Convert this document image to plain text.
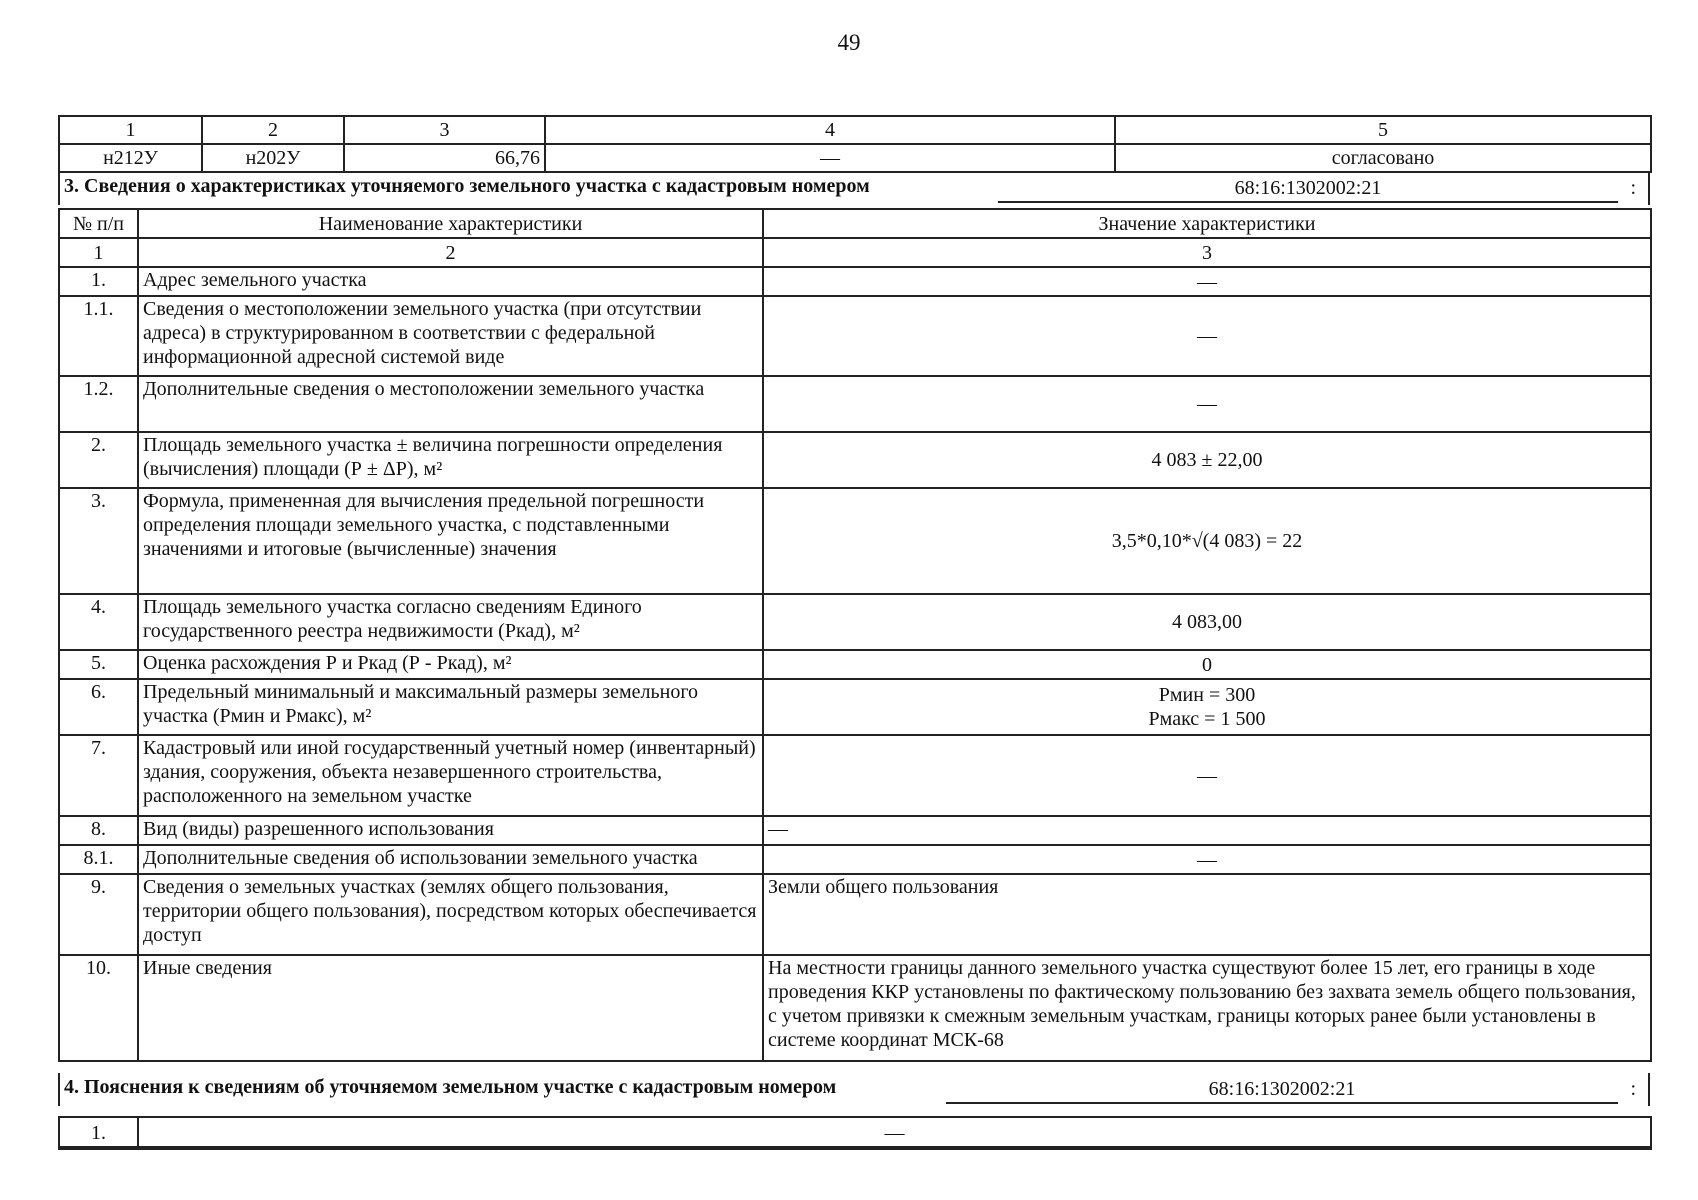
49
1	2	3	4	5
н212У	н202У	66,76	—	согласовано
3. Сведения о характеристиках уточняемого земельного участка с кадастровым номером	68:16:1302002:21	:
№ п/п	Наименование характеристики	Значение характеристики
1	2	3
1.	Адрес земельного участка	—
1.1.	Сведения о местоположении земельного участка (при отсутствии адреса) в структурированном в соответствии с федеральной информационной адресной системой виде	—
1.2.	Дополнительные сведения о местоположении земельного участка	—
2.	Площадь земельного участка ± величина погрешности определения (вычисления) площади (Р ± ΔР), м²	4 083 ± 22,00
3.	Формула, примененная для вычисления предельной погрешности определения площади земельного участка, с подставленными значениями и итоговые (вычисленные) значения	3,5*0,10*√(4 083) = 22
4.	Площадь земельного участка согласно сведениям Единого государственного реестра недвижимости (Ркад), м²	4 083,00
5.	Оценка расхождения Р и Ркад (Р - Ркад), м²	0
6.	Предельный минимальный и максимальный размеры земельного участка (Рмин и Рмакс), м²	Рмин = 300
Рмакс = 1 500

7.	Кадастровый или иной государственный учетный номер (инвентарный) здания, сооружения, объекта незавершенного строительства, расположенного на земельном участке	—
8.	Вид (виды) разрешенного использования	—
8.1.	Дополнительные сведения об использовании земельного участка	—
9.	Сведения о земельных участках (землях общего пользования, территории общего пользования), посредством которых обеспечивается доступ	Земли общего пользования
10.	Иные сведения	На местности границы данного земельного участка существуют более 15 лет, его границы в ходе проведения ККР установлены по фактическому пользованию без захвата земель общего пользования, с учетом привязки к смежным земельным участкам, границы которых ранее были установлены в системе координат МСК-68
4. Пояснения к сведениям об уточняемом земельном участке с кадастровым номером	68:16:1302002:21	:
1.	—
